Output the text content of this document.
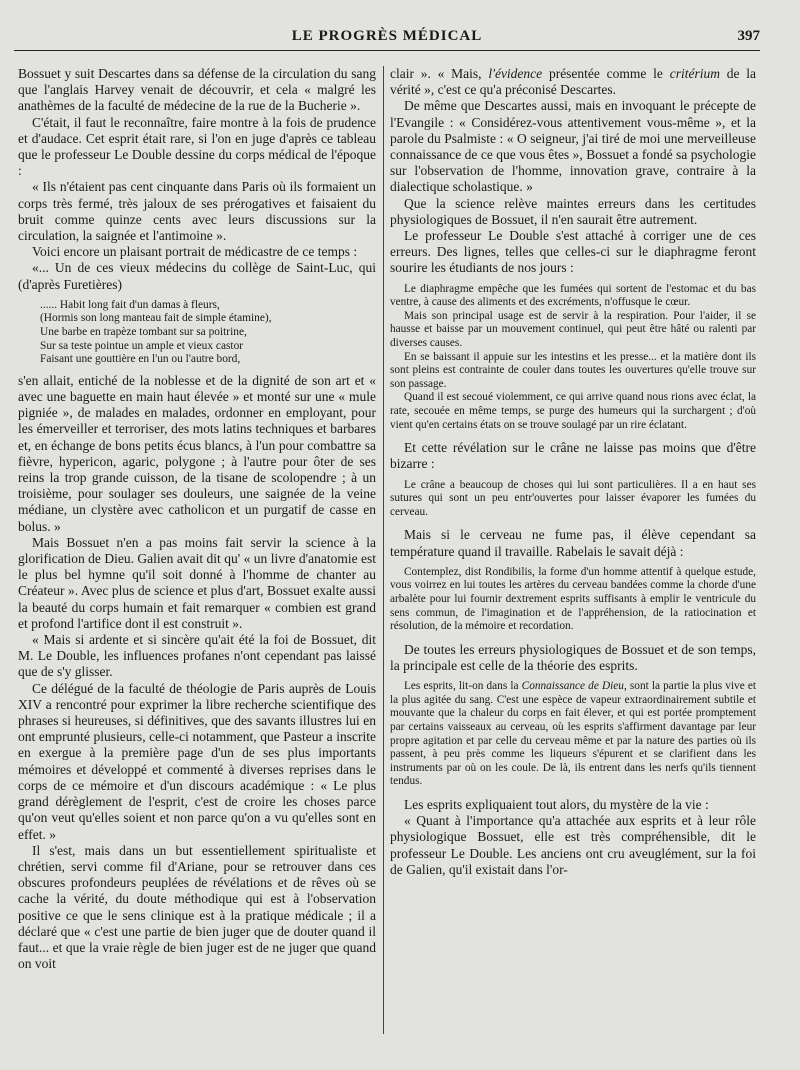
LE PROGRÈS MÉDICAL	397

Bossuet y suit Descartes dans sa défense de la circulation du sang que l'anglais Harvey venait de découvrir, et cela « malgré les anathèmes de la faculté de médecine de la rue de la Bucherie ».

C'était, il faut le reconnaître, faire montre à la fois de prudence et d'audace. Cet esprit était rare, si l'on en juge d'après ce tableau que le professeur Le Double dessine du corps médical de l'époque :

« Ils n'étaient pas cent cinquante dans Paris où ils formaient un corps très fermé, très jaloux de ses prérogatives et faisaient du bruit comme quinze cents avec leurs discussions sur la circulation, la saignée et l'antimoine ».

Voici encore un plaisant portrait de médicastre de ce temps :

«... Un de ces vieux médecins du collège de Saint-Luc, qui (d'après Furetières)

...... Habit long fait d'un damas à fleurs,
(Hormis son long manteau fait de simple étamine),
Une barbe en trapèze tombant sur sa poitrine,
Sur sa teste pointue un ample et vieux castor
Faisant une gouttière en l'un ou l'autre bord,

s'en allait, entiché de la noblesse et de la dignité de son art et « avec une baguette en main haut élevée » et monté sur une « mule pigniée », de malades en malades, ordonner en employant, pour les émerveiller et terroriser, des mots latins techniques et barbares et, en échange de bons petits écus blancs, à l'un pour combattre sa fièvre, hypericon, agaric, polygone ; à l'autre pour ôter de ses reins la trop grande cuisson, de la tisane de scolopendre ; à un troisième, pour soulager ses douleurs, une saignée de la veine médiane, un clystère avec catholicon et un purgatif de casse en bolus. »

Mais Bossuet n'en a pas moins fait servir la science à la glorification de Dieu. Galien avait dit qu' « un livre d'anatomie est le plus bel hymne qu'il soit donné à l'homme de chanter au Créateur ». Avec plus de science et plus d'art, Bossuet exalte aussi la beauté du corps humain et fait remarquer « combien est grand et profond l'artifice dont il est construit ».

« Mais si ardente et si sincère qu'ait été la foi de Bossuet, dit M. Le Double, les influences profanes n'ont cependant pas laissé que de s'y glisser.

Ce délégué de la faculté de théologie de Paris auprès de Louis XIV a rencontré pour exprimer la libre recherche scientifique des phrases si heureuses, si définitives, que des savants illustres lui en ont emprunté plusieurs, celle-ci notamment, que Pasteur a inscrite en exergue à la première page d'un de ses plus importants mémoires et développé et commenté à diverses reprises dans le corps de ce mémoire et d'un discours académique : « Le plus grand dérèglement de l'esprit, c'est de croire les choses parce qu'on veut qu'elles soient et non parce qu'on a vu qu'elles sont en effet. »

Il s'est, mais dans un but essentiellement spiritualiste et chrétien, servi comme fil d'Ariane, pour se retrouver dans ces obscures profondeurs peuplées de révélations et de rêves où se cache la vérité, du doute méthodique qui est à l'observation positive ce que le sens clinique est à la pratique médicale ; il a déclaré que « c'est une partie de bien juger que de douter quand il faut... et que la vraie règle de bien juger est de ne juger que quand on voit

clair ». « Mais, l'évidence présentée comme le critérium de la vérité », c'est ce qu'a préconisé Descartes.

De même que Descartes aussi, mais en invoquant le précepte de l'Evangile : « Considérez-vous attentivement vous-même », et la parole du Psalmiste : « O seigneur, j'ai tiré de moi une merveilleuse connaissance de ce que vous êtes », Bossuet a fondé sa psychologie sur l'observation de l'homme, innovation grave, contraire à la dialectique scholastique. »

Que la science relève maintes erreurs dans les certitudes physiologiques de Bossuet, il n'en saurait être autrement.

Le professeur Le Double s'est attaché à corriger une de ces erreurs. Des lignes, telles que celles-ci sur le diaphragme feront sourire les étudiants de nos jours :

Le diaphragme empêche que les fumées qui sortent de l'estomac et du bas ventre, à cause des aliments et des excréments, n'offusque le cœur.

Mais son principal usage est de servir à la respiration. Pour l'aider, il se hausse et baisse par un mouvement continuel, qui peut être hâté ou ralenti par diverses causes.

En se baissant il appuie sur les intestins et les presse... et la matière dont ils sont pleins est contrainte de couler dans toutes les ouvertures qu'elle trouve sur son passage.

Quand il est secoué violemment, ce qui arrive quand nous rions avec éclat, la rate, secouée en même temps, se purge des humeurs qui la surchargent ; d'où vient qu'en certains états on se trouve soulagé par un rire éclatant.

Et cette révélation sur le crâne ne laisse pas moins que d'être bizarre :

Le crâne a beaucoup de choses qui lui sont particulières. Il a en haut ses sutures qui sont un peu entr'ouvertes pour laisser évaporer les fumées du cerveau.

Mais si le cerveau ne fume pas, il élève cependant sa température quand il travaille. Rabelais le savait déjà :

Contemplez, dist Rondibilis, la forme d'un homme attentif à quelque estude, vous voirrez en lui toutes les artères du cerveau bandées comme la chorde d'une arbalète pour lui fournir dextrement esprits suffisants à emplir le ventricule du sens commun, de l'imagination et de l'appréhension, de la ratiocination et résolution, de la mémoire et recordation.

De toutes les erreurs physiologiques de Bossuet et de son temps, la principale est celle de la théorie des esprits.

Les esprits, lit-on dans la Connaissance de Dieu, sont la partie la plus vive et la plus agitée du sang. C'est une espèce de vapeur extraordinairement subtile et mouvante que la chaleur du corps en fait élever, et qui est portée promptement par certains vaisseaux au cerveau, où les esprits s'affirment davantage par leur propre agitation et par celle du cerveau même et par la nature des parties où ils passent, à peu près comme les liqueurs s'épurent et se clarifient dans les instruments par où on les coule. De là, ils entrent dans les nerfs qu'ils tiennent tendus.

Les esprits expliquaient tout alors, du mystère de la vie :

« Quant à l'importance qu'a attachée aux esprits et à leur rôle physiologique Bossuet, elle est très compréhensible, dit le professeur Le Double. Les anciens ont cru aveuglément, sur la foi de Galien, qu'il existait dans l'or-
